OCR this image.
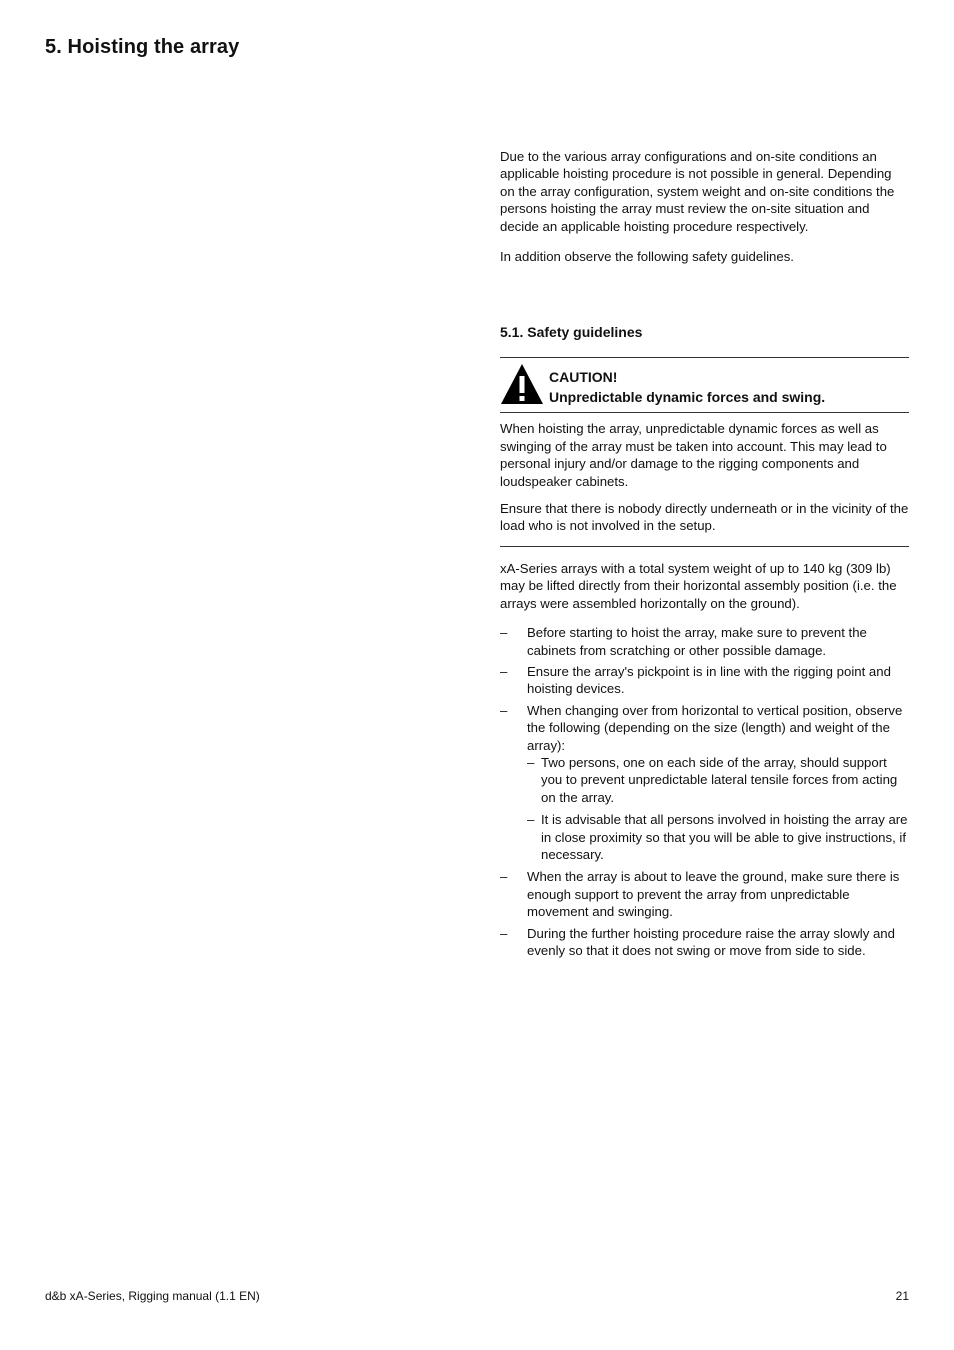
5. Hoisting the array

Due to the various array configurations and on-site conditions an applicable hoisting procedure is not possible in general. Depending on the array configuration, system weight and on-site conditions the persons hoisting the array must review the on-site situation and decide an applicable hoisting procedure respectively.

In addition observe the following safety guidelines.

5.1. Safety guidelines
CAUTION!
Unpredictable dynamic forces and swing.

When hoisting the array, unpredictable dynamic forces as well as swinging of the array must be taken into account. This may lead to personal injury and/or damage to the rigging components and loudspeaker cabinets.

Ensure that there is nobody directly underneath or in the vicinity of the load who is not involved in the setup.

xA-Series arrays with a total system weight of up to 140 kg (309 lb) may be lifted directly from their horizontal assembly position (i.e. the arrays were assembled horizontally on the ground).

– Before starting to hoist the array, make sure to prevent the cabinets from scratching or other possible damage.
– Ensure the array's pickpoint is in line with the rigging point and hoisting devices.
– When changing over from horizontal to vertical position, observe the following (depending on the size (length) and weight of the array):
– Two persons, one on each side of the array, should support you to prevent unpredictable lateral tensile forces from acting on the array.
– It is advisable that all persons involved in hoisting the array are in close proximity so that you will be able to give instructions, if necessary.
– When the array is about to leave the ground, make sure there is enough support to prevent the array from unpredictable movement and swinging.
– During the further hoisting procedure raise the array slowly and evenly so that it does not swing or move from side to side.
d&b xA-Series, Rigging manual (1.1 EN)	21
